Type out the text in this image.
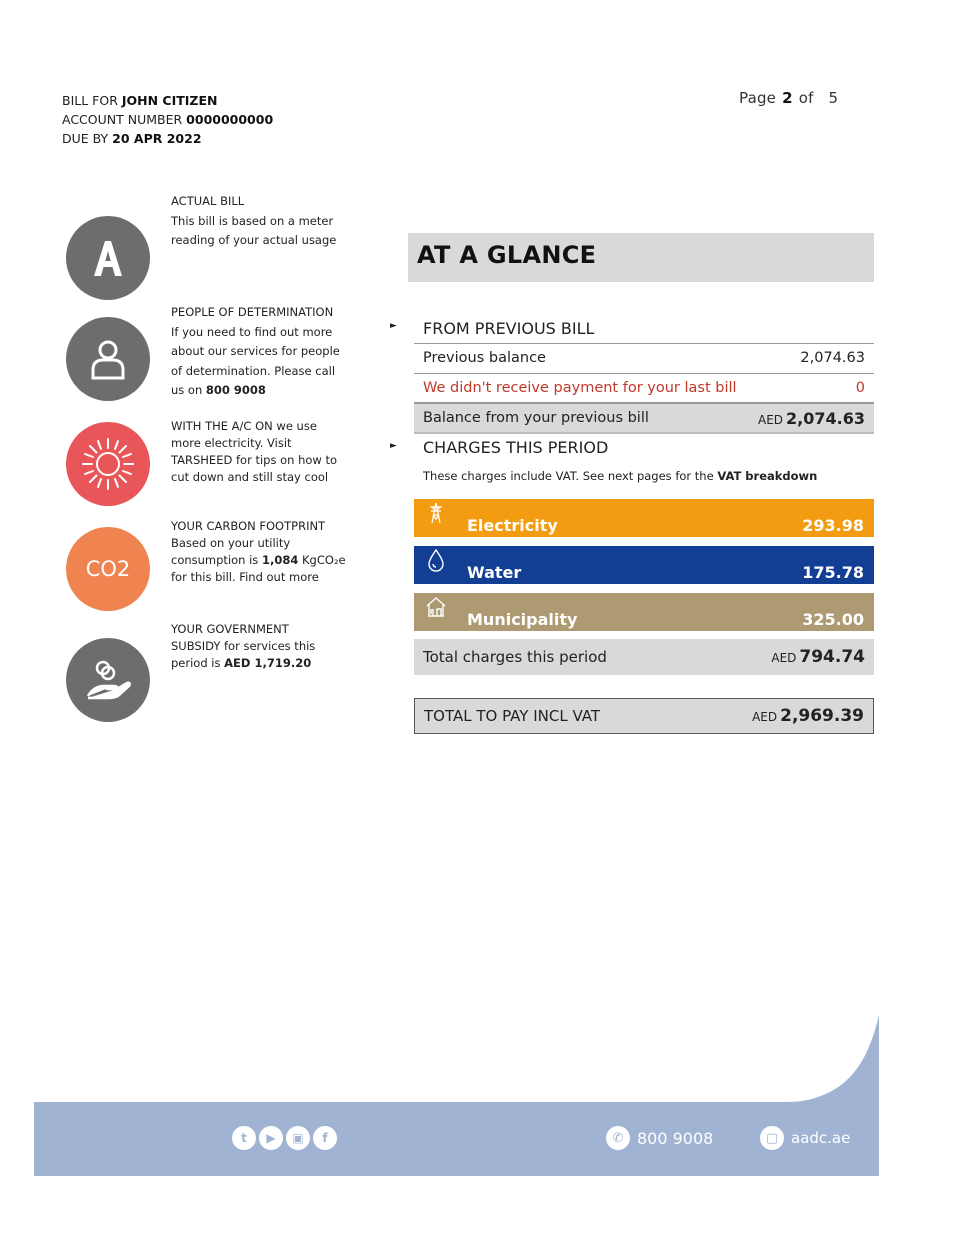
BILL FOR JOHN CITIZEN
ACCOUNT NUMBER 0000000000
DUE BY 20 APR 2022
Page 2 of 5
ACTUAL BILL
This bill is based on a meter
reading of your actual usage
PEOPLE OF DETERMINATION
If you need to find out more
about our services for people
of determination. Please call
us on 800 9008
WITH THE A/C ON we use
more electricity. Visit
TARSHEED for tips on how to
cut down and still stay cool
CO2
YOUR CARBON FOOTPRINT
Based on your utility
consumption is 1,084 KgCO₂e
for this bill. Find out more
YOUR GOVERNMENT
SUBSIDY for services this
period is AED 1,719.20
AT A GLANCE
► FROM PREVIOUS BILL
Previous balance	2,074.63
We didn't receive payment for your last bill	0
Balance from your previous bill	AED 2,074.63
► CHARGES THIS PERIOD
These charges include VAT. See next pages for the VAT breakdown
Electricity	293.98
Water	175.78
Municipality	325.00
Total charges this period	AED 794.74
TOTAL TO PAY INCL VAT	AED 2,969.39
t	▶	▣	f	✆ 800 9008	▢ aadc.ae
